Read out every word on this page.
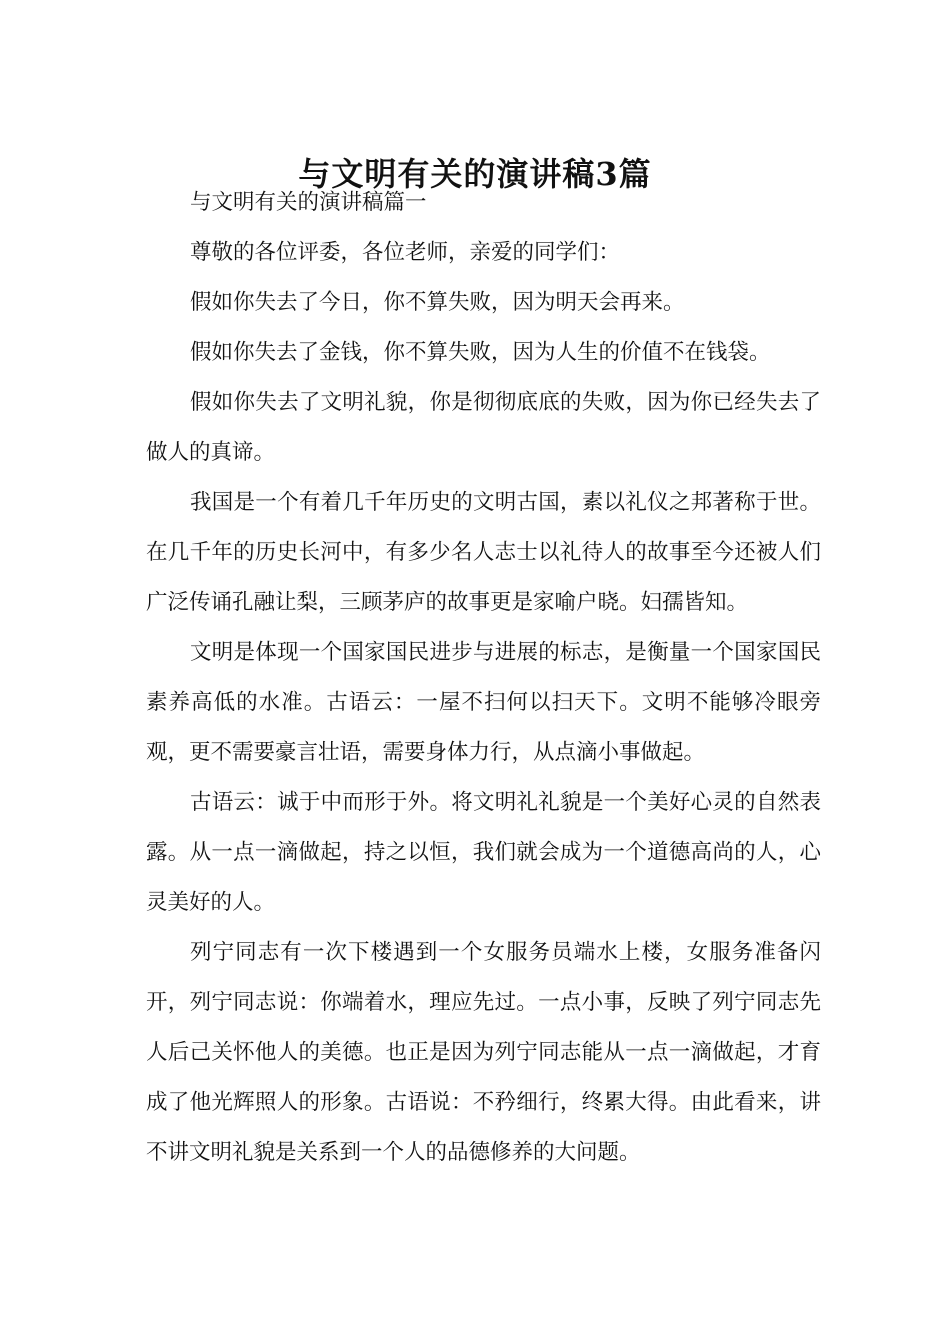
与文明有关的演讲稿3篇

与文明有关的演讲稿篇一

尊敬的各位评委，各位老师，亲爱的同学们：

假如你失去了今日，你不算失败，因为明天会再来。

假如你失去了金钱，你不算失败，因为人生的价值不在钱袋。

假如你失去了文明礼貌，你是彻彻底底的失败，因为你已经失去了做人的真谛。

我国是一个有着几千年历史的文明古国，素以礼仪之邦著称于世。在几千年的历史长河中，有多少名人志士以礼待人的故事至今还被人们广泛传诵孔融让梨，三顾茅庐的故事更是家喻户晓。妇孺皆知。

文明是体现一个国家国民进步与进展的标志，是衡量一个国家国民素养高低的水准。古语云：一屋不扫何以扫天下。文明不能够冷眼旁观，更不需要豪言壮语，需要身体力行，从点滴小事做起。

古语云：诚于中而形于外。将文明礼礼貌是一个美好心灵的自然表露。从一点一滴做起，持之以恒，我们就会成为一个道德高尚的人，心灵美好的人。

列宁同志有一次下楼遇到一个女服务员端水上楼，女服务准备闪开，列宁同志说：你端着水，理应先过。一点小事，反映了列宁同志先人后己关怀他人的美德。也正是因为列宁同志能从一点一滴做起，才育成了他光辉照人的形象。古语说：不矜细行，终累大得。由此看来，讲不讲文明礼貌是关系到一个人的品德修养的大问题。
